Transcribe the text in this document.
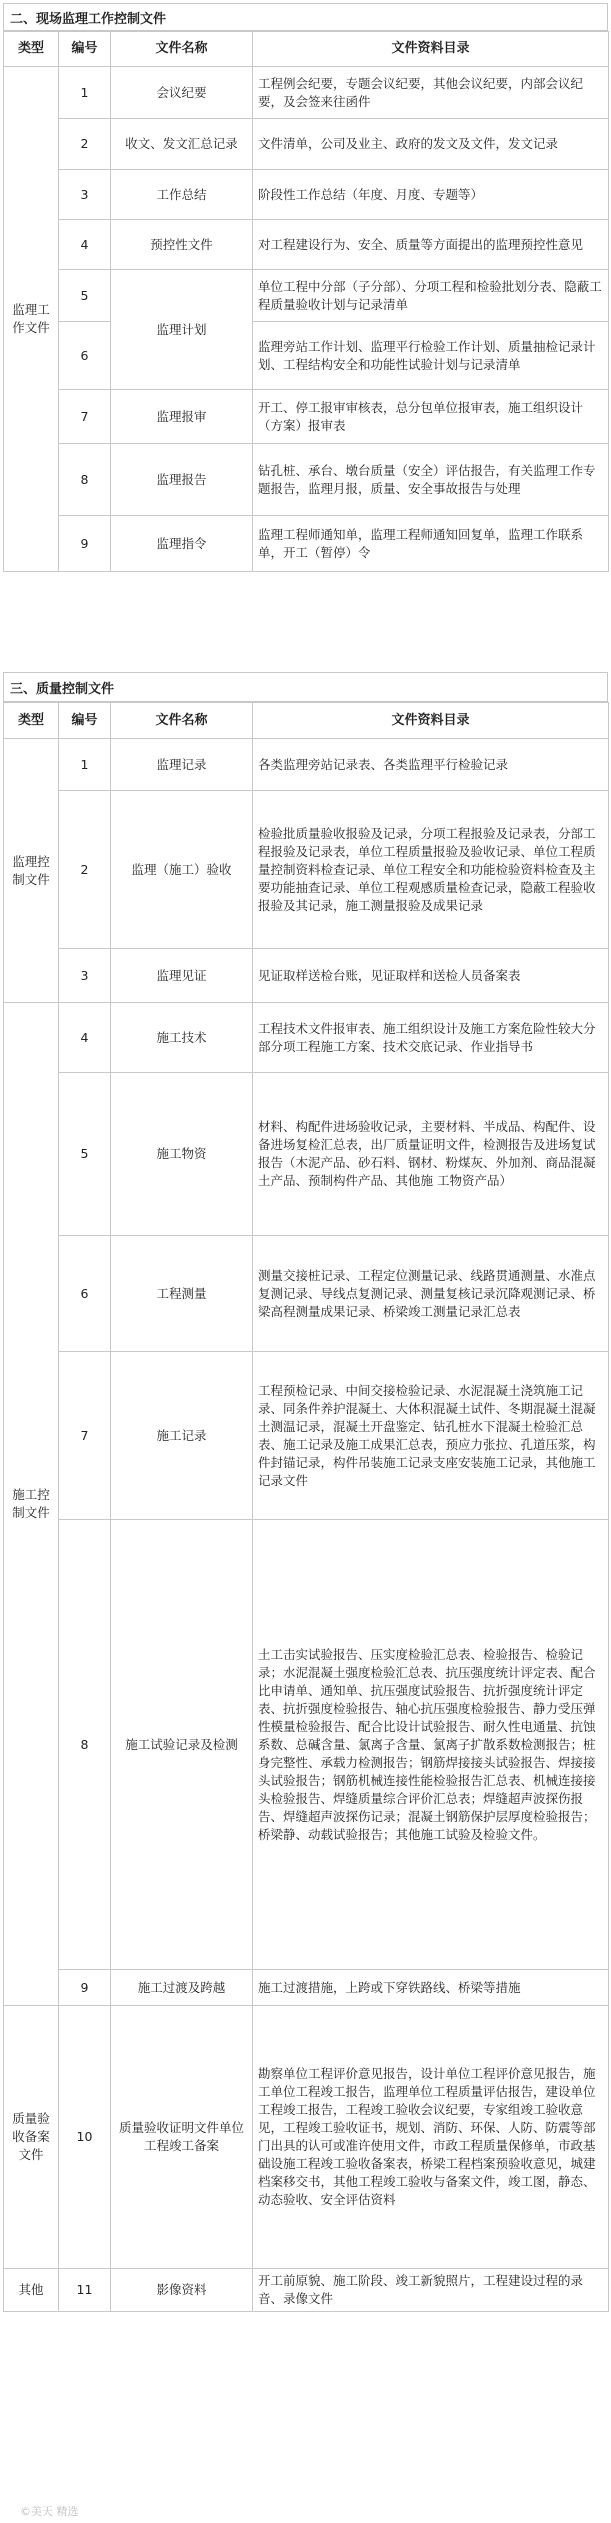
二、现场监理工作控制文件
类型	编号	文件名称	文件资料目录
监理工作文件	1	会议纪要	工程例会纪要，专题会议纪要，其他会议纪要，内部会议纪要，及会签来往函件
	2	收文、发文汇总记录	文件清单，公司及业主、政府的发文及文件，发文记录
	3	工作总结	阶段性工作总结（年度、月度、专题等）
	4	预控性文件	对工程建设行为、安全、质量等方面提出的监理预控性意见
	5	监理计划	单位工程中分部（子分部）、分项工程和检验批划分表、隐蔽工程质量验收计划与记录清单
	6		监理旁站工作计划、监理平行检验工作计划、质量抽检记录计划、工程结构安全和功能性试验计划与记录清单
	7	监理报审	开工、停工报审审核表，总分包单位报审表，施工组织设计（方案）报审表
	8	监理报告	钻孔桩、承台、墩台质量（安全）评估报告，有关监理工作专题报告，监理月报，质量、安全事故报告与处理
	9	监理指令	监理工程师通知单，监理工程师通知回复单，监理工作联系单，开工（暂停）令
三、质量控制文件
类型	编号	文件名称	文件资料目录
监理控制文件	1	监理记录	各类监理旁站记录表、各类监理平行检验记录
	2	监理（施工）验收	检验批质量验收报验及记录，分项工程报验及记录表，分部工程报验及记录表，单位工程质量报验及验收记录、单位工程质量控制资料检查记录、单位工程安全和功能检验资料检查及主要功能抽查记录、单位工程观感质量检查记录，隐蔽工程验收报验及其记录，施工测量报验及成果记录
	3	监理见证	见证取样送检台账，见证取样和送检人员备案表
施工控制文件	4	施工技术	工程技术文件报审表、施工组织设计及施工方案危险性较大分部分项工程施工方案、技术交底记录、作业指导书
	5	施工物资	材料、构配件进场验收记录，主要材料、半成品、构配件、设备进场复检汇总表，出厂质量证明文件，检测报告及进场复试报告（木泥产品、砂石料、钢材、粉煤灰、外加剂、商品混凝土产品、预制构件产品、其他施 工物资产品）
	6	工程测量	测量交接桩记录、工程定位测量记录、线路贯通测量、水准点复测记录、导线点复测记录、测量复核记录沉降观测记录、桥梁高程测量成果记录、桥梁竣工测量记录汇总表
	7	施工记录	工程预检记录、中间交接检验记录、水泥混凝土浇筑施工记录、同条件养护混凝土、大体积混凝土试件、冬期混凝土混凝土测温记录，混凝土开盘鉴定、钻孔桩水下混凝土检验汇总表、施工记录及施工成果汇总表，预应力张拉、孔道压浆，构件封锚记录，构件吊装施工记录支座安装施工记录，其他施工记录文件
	8	施工试验记录及检测	土工击实试验报告、压实度检验汇总表、检验报告、检验记录；水泥混凝土强度检验汇总表、抗压强度统计评定表、配合比申请单、通知单、抗压强度试验报告、抗折强度统计评定表、抗折强度检验报告、轴心抗压强度检验报告、静力受压弹性模量检验报告、配合比设计试验报告、耐久性电通量、抗蚀系数、总碱含量、氯离子含量、氯离子扩散系数检测报告；桩身完整性、承载力检测报告；钢筋焊接接头试验报告、焊接接头试验报告；钢筋机械连接性能检验报告汇总表、机械连接接头检验报告、焊缝质量综合评价汇总表；焊缝超声波探伤报告、焊缝超声波探伤记录；混凝土钢筋保护层厚度检验报告；桥梁静、动载试验报告；其他施工试验及检验文件。
	9	施工过渡及跨越	施工过渡措施，上跨或下穿铁路线、桥梁等措施
质量验收备案文件	10	质量验收证明文件单位工程竣工备案	勘察单位工程评价意见报告，设计单位工程评价意见报告，施工单位工程竣工报告，监理单位工程质量评估报告，建设单位工程竣工报告，工程竣工验收会议纪要，专家组竣工验收意见，工程竣工验收证书，规划、消防、环保、人防、防震等部门出具的认可或准许使用文件，市政工程质量保修单，市政基础设施工程竣工验收备案表，桥梁工程档案预验收意见，城建档案移交书，其他工程竣工验收与备案文件，竣工图，静态、动态验收、安全评估资料
其他	11	影像资料	开工前原貌、施工阶段、竣工新貌照片，工程建设过程的录音、录像文件
©美天 精选
